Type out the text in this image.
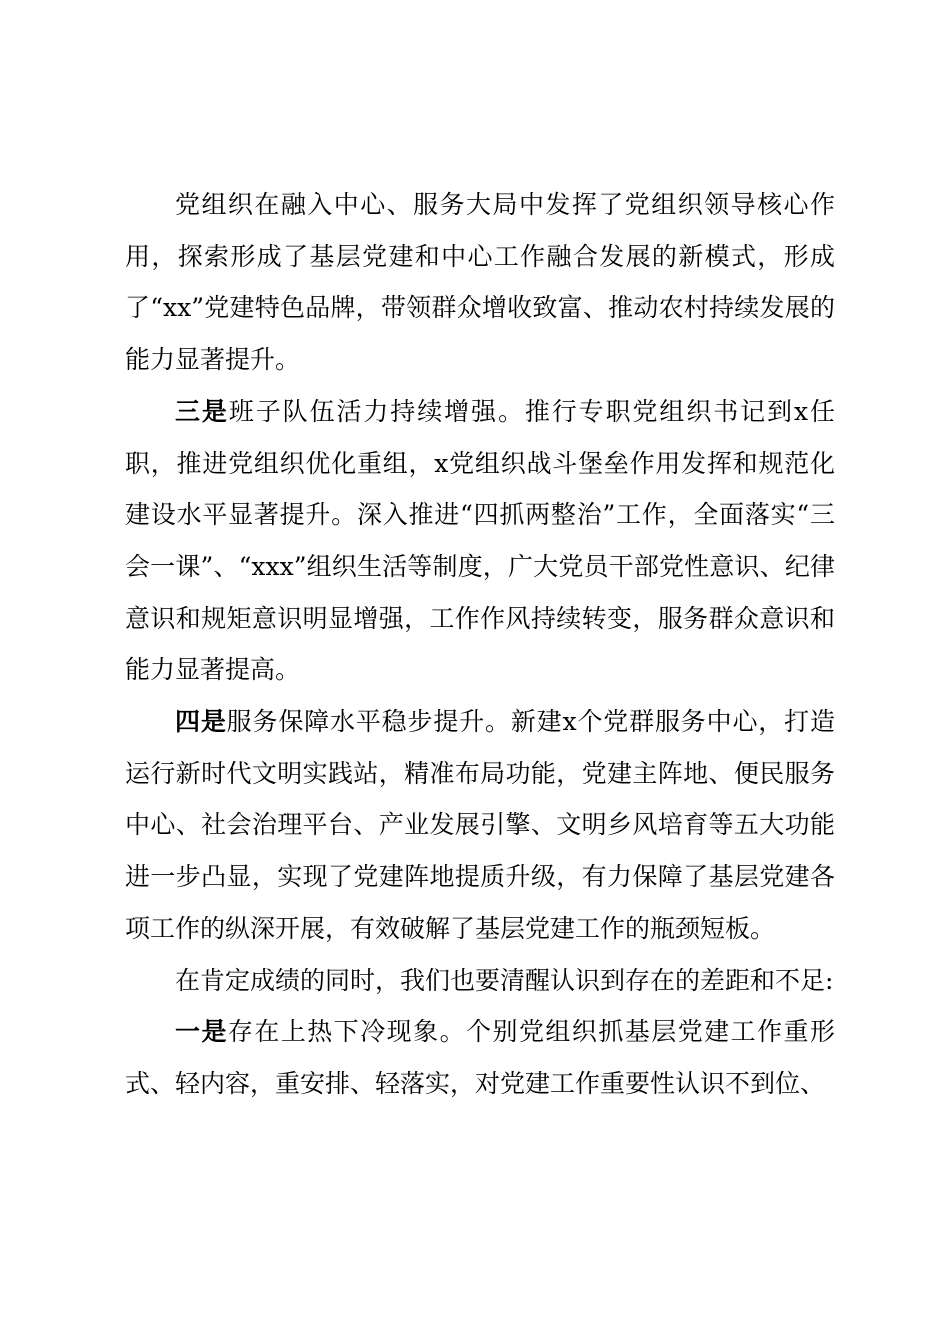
党组织在融入中心、服务大局中发挥了党组织领导核心作用，探索形成了基层党建和中心工作融合发展的新模式，形成了“xx”党建特色品牌，带领群众增收致富、推动农村持续发展的能力显著提升。

三是班子队伍活力持续增强。推行专职党组织书记到x任职，推进党组织优化重组，x党组织战斗堡垒作用发挥和规范化建设水平显著提升。深入推进“四抓两整治”工作，全面落实“三会一课”、“xxx”组织生活等制度，广大党员干部党性意识、纪律意识和规矩意识明显增强，工作作风持续转变，服务群众意识和能力显著提高。

四是服务保障水平稳步提升。新建x个党群服务中心，打造运行新时代文明实践站，精准布局功能，党建主阵地、便民服务中心、社会治理平台、产业发展引擎、文明乡风培育等五大功能进一步凸显，实现了党建阵地提质升级，有力保障了基层党建各项工作的纵深开展，有效破解了基层党建工作的瓶颈短板。

在肯定成绩的同时，我们也要清醒认识到存在的差距和不足:

一是存在上热下冷现象。个别党组织抓基层党建工作重形式、轻内容，重安排、轻落实，对党建工作重要性认识不到位、
